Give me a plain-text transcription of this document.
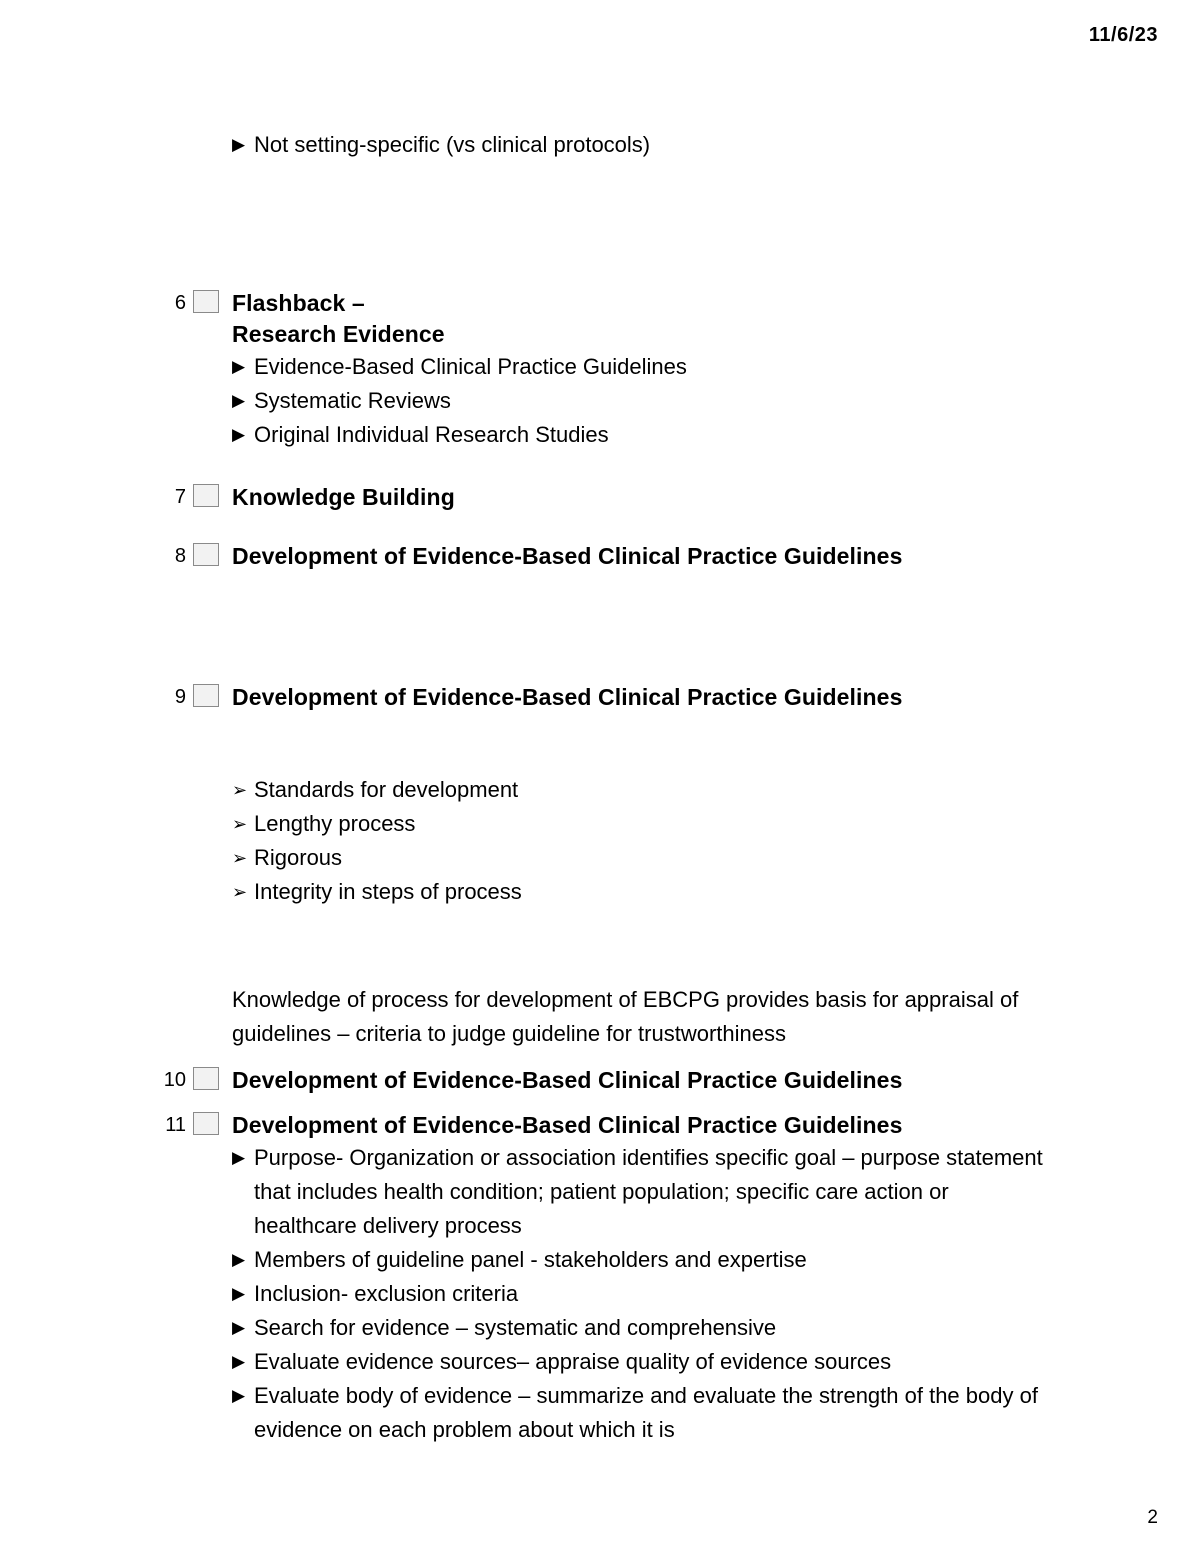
11/6/23
▶ Not setting-specific (vs clinical protocols)
6 Flashback –
Research Evidence
▶ Evidence-Based Clinical Practice Guidelines
▶ Systematic Reviews
▶ Original Individual Research Studies
7 Knowledge Building
8 Development of Evidence-Based Clinical Practice Guidelines
9 Development of Evidence-Based Clinical Practice Guidelines
➢ Standards for development
➢ Lengthy process
➢ Rigorous
➢ Integrity in steps of process
Knowledge of process for development of EBCPG provides basis for appraisal of guidelines – criteria to judge guideline for trustworthiness
10 Development of Evidence-Based Clinical Practice Guidelines
11 Development of Evidence-Based Clinical Practice Guidelines
▶ Purpose- Organization or association identifies specific goal – purpose statement that includes health condition; patient population; specific care action or healthcare delivery process
▶ Members of guideline panel - stakeholders and expertise
▶ Inclusion- exclusion criteria
▶ Search for evidence – systematic and comprehensive
▶ Evaluate evidence sources– appraise quality of evidence sources
▶ Evaluate body of evidence – summarize and evaluate the strength of the body of evidence on each problem about which it is
2
